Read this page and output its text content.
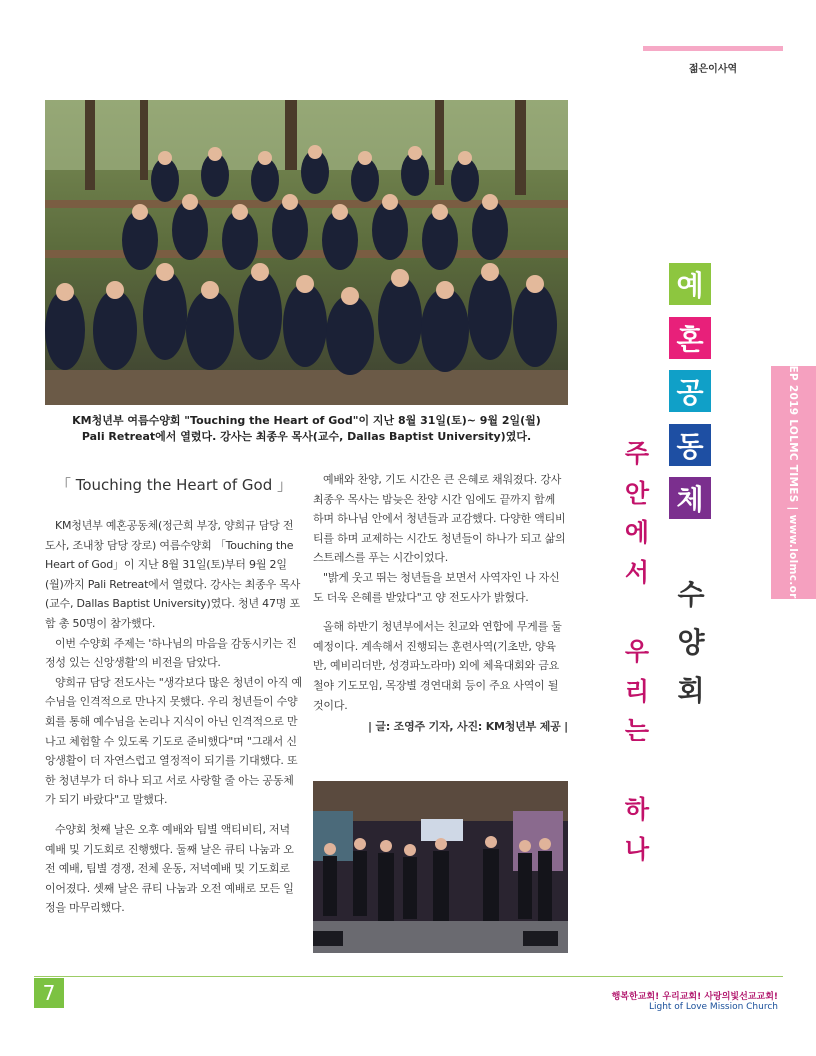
젊은이사역
KM청년부 여름수양회 "Touching the Heart of God"이 지난 8월 31일(토)~ 9월 2일(월)
Pali Retreat에서 열렸다. 강사는 최종우 목사(교수, Dallas Baptist University)였다.
「 Touching the Heart of God 」

KM청년부 예혼공동체(정근희 부장, 양희규 담당 전도사, 조내창 담당 장로) 여름수양회 「Touching the Heart of God」이 지난 8월 31일(토)부터 9월 2일(월)까지 Pali Retreat에서 열렸다. 강사는 최종우 목사(교수, Dallas Baptist University)였다. 청년 47명 포함 총 50명이 참가했다.

이번 수양회 주제는 '하나님의 마음을 감동시키는 진정성 있는 신앙생활'의 비전을 담았다.

양희규 담당 전도사는 "생각보다 많은 청년이 아직 예수님을 인격적으로 만나지 못했다. 우리 청년들이 수양회를 통해 예수님을 논리나 지식이 아닌 인격적으로 만나고 체험할 수 있도록 기도로 준비했다"며 "그래서 신앙생활이 더 자연스럽고 열정적이 되기를 기대했다. 또한 청년부가 더 하나 되고 서로 사랑할 줄 아는 공동체가 되기 바랐다"고 말했다.

수양회 첫째 날은 오후 예배와 팀별 액티비티, 저녁 예배 및 기도회로 진행했다. 둘째 날은 큐티 나눔과 오전 예배, 팀별 경쟁, 전체 운동, 저녁예배 및 기도회로 이어졌다. 셋째 날은 큐티 나눔과 오전 예배로 모든 일정을 마무리했다.

예배와 찬양, 기도 시간은 큰 은혜로 채워졌다. 강사 최종우 목사는 밤늦은 찬양 시간 임에도 끝까지 함께 하며 하나님 안에서 청년들과 교감했다. 다양한 액티비티를 하며 교제하는 시간도 청년들이 하나가 되고 삶의 스트레스를 푸는 시간이었다.

"밝게 웃고 뛰는 청년들을 보면서 사역자인 나 자신도 더욱 은혜를 받았다"고 양 전도사가 밝혔다.

올해 하반기 청년부에서는 친교와 연합에 무게를 둘 예정이다. 계속해서 진행되는 훈련사역(기초반, 양육반, 예비리더반, 성경파노라마) 외에 체육대회와 금요철야 기도모임, 목장별 경연대회 등이 주요 사역이 될 것이다.

| 글: 조영주 기자, 사진: KM청년부 제공 |
주
안
에
서
우
리
는
하
나
예
혼
공
동
체
수
양
회
SEP 2019 LOLMC TIMES | www.lolmc.org
7	행복한교회! 우리교회! 사랑의빛선교교회!
Light of Love Mission Church
